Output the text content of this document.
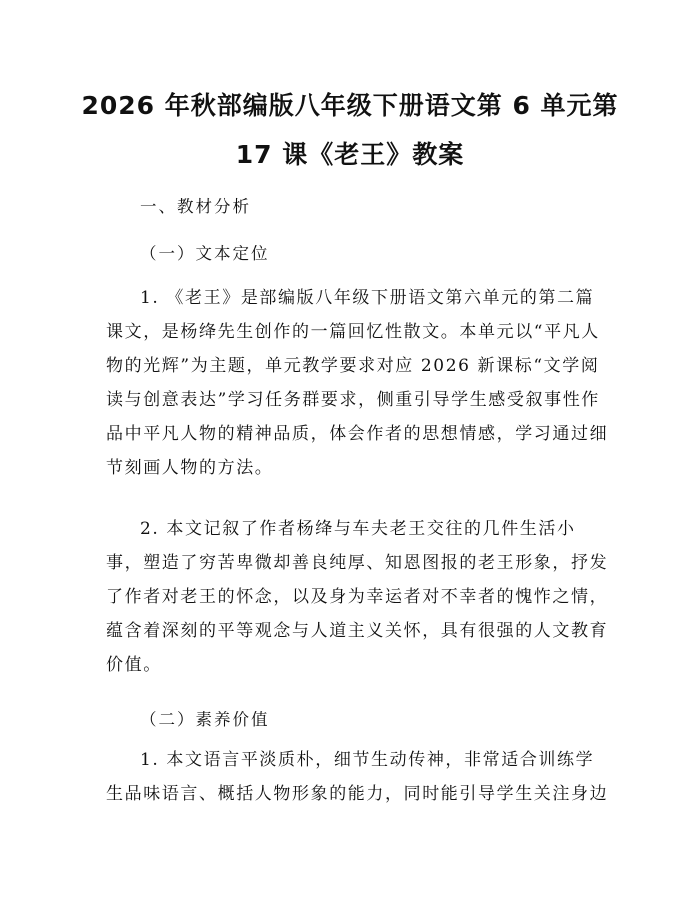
2026 年秋部编版八年级下册语文第 6 单元第
17 课《老王》教案
一、教材分析
（一）文本定位
1. 《老王》是部编版八年级下册语文第六单元的第二篇
课文，是杨绛先生创作的一篇回忆性散文。本单元以“平凡人
物的光辉”为主题，单元教学要求对应 2026 新课标“文学阅
读与创意表达”学习任务群要求，侧重引导学生感受叙事性作
品中平凡人物的精神品质，体会作者的思想情感，学习通过细
节刻画人物的方法。
2. 本文记叙了作者杨绛与车夫老王交往的几件生活小
事，塑造了穷苦卑微却善良纯厚、知恩图报的老王形象，抒发
了作者对老王的怀念，以及身为幸运者对不幸者的愧怍之情，
蕴含着深刻的平等观念与人道主义关怀，具有很强的人文教育
价值。
（二）素养价值
1. 本文语言平淡质朴，细节生动传神，非常适合训练学
生品味语言、概括人物形象的能力，同时能引导学生关注身边
